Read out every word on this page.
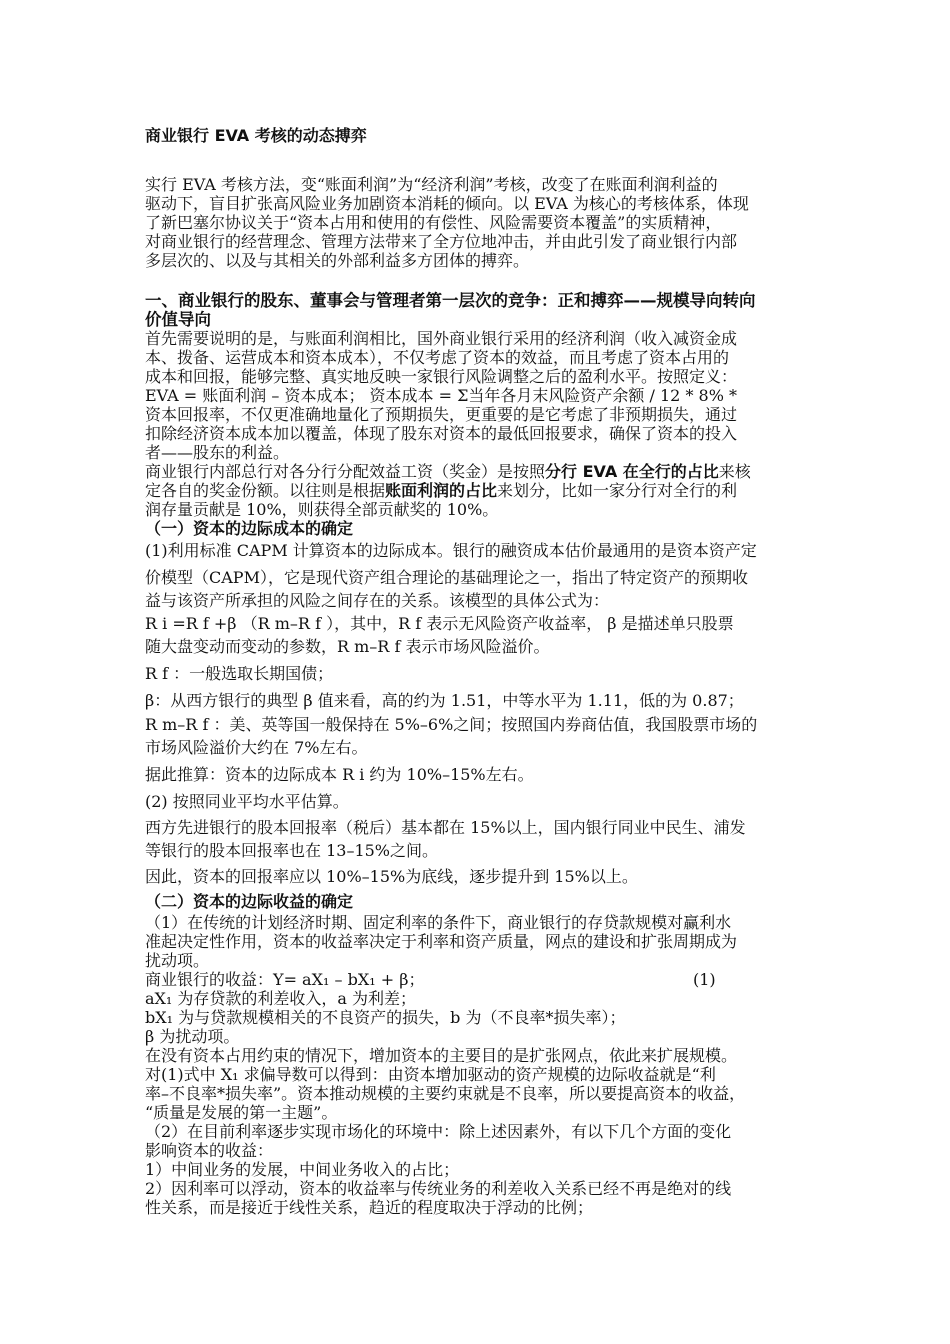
商业银行 EVA 考核的动态搏弈
实行 EVA 考核方法，变“账面利润”为“经济利润”考核，改变了在账面利润利益的
驱动下，盲目扩张高风险业务加剧资本消耗的倾向。以 EVA 为核心的考核体系，体现
了新巴塞尔协议关于“资本占用和使用的有偿性、风险需要资本覆盖”的实质精神，
对商业银行的经营理念、管理方法带来了全方位地冲击，并由此引发了商业银行内部
多层次的、以及与其相关的外部利益多方团体的搏弈。
一、商业银行的股东、董事会与管理者第一层次的竞争：正和搏弈——规模导向转向
价值导向
首先需要说明的是，与账面利润相比，国外商业银行采用的经济利润（收入减资金成
本、拨备、运营成本和资本成本），不仅考虑了资本的效益，而且考虑了资本占用的
成本和回报，能够完整、真实地反映一家银行风险调整之后的盈利水平。按照定义：
EVA = 账面利润 – 资本成本； 资本成本 = Σ当年各月末风险资产余额 / 12 * 8% *
资本回报率，不仅更准确地量化了预期损失，更重要的是它考虑了非预期损失，通过
扣除经济资本成本加以覆盖，体现了股东对资本的最低回报要求，确保了资本的投入
者——股东的利益。
商业银行内部总行对各分行分配效益工资（奖金）是按照分行 EVA 在全行的占比来核
定各自的奖金份额。以往则是根据账面利润的占比来划分，比如一家分行对全行的利
润存量贡献是 10%，则获得全部贡献奖的 10%。
（一）资本的边际成本的确定
(1)利用标准 CAPM 计算资本的边际成本。银行的融资成本估价最通用的是资本资产定
价模型（CAPM），它是现代资产组合理论的基础理论之一，指出了特定资产的预期收
益与该资产所承担的风险之间存在的关系。该模型的具体公式为：
R i =R f +β （R m–R f ），其中，R f 表示无风险资产收益率， β 是描述单只股票
随大盘变动而变动的参数，R m–R f 表示市场风险溢价。
R f ：一般选取长期国债；
β：从西方银行的典型 β 值来看，高的约为 1.51，中等水平为 1.11，低的为 0.87；
R m–R f ：美、英等国一般保持在 5%–6%之间；按照国内券商估值，我国股票市场的
市场风险溢价大约在 7%左右。
据此推算：资本的边际成本 R i 约为 10%–15%左右。
(2) 按照同业平均水平估算。
西方先进银行的股本回报率（税后）基本都在 15%以上，国内银行同业中民生、浦发
等银行的股本回报率也在 13–15%之间。
因此，资本的回报率应以 10%–15%为底线，逐步提升到 15%以上。
（二）资本的边际收益的确定
（1）在传统的计划经济时期、固定利率的条件下，商业银行的存贷款规模对赢利水
准起决定性作用，资本的收益率决定于利率和资产质量，网点的建设和扩张周期成为
扰动项。
商业银行的收益：Y= aX₁ – bX₁ + β；	(1)
aX₁ 为存贷款的利差收入，a 为利差；
bX₁ 为与贷款规模相关的不良资产的损失，b 为（不良率*损失率）；
β 为扰动项。
在没有资本占用约束的情况下，增加资本的主要目的是扩张网点，依此来扩展规模。
对(1)式中 X₁ 求偏导数可以得到：由资本增加驱动的资产规模的边际收益就是“利
率–不良率*损失率”。资本推动规模的主要约束就是不良率，所以要提高资本的收益，
“质量是发展的第一主题”。
（2）在目前利率逐步实现市场化的环境中：除上述因素外，有以下几个方面的变化
影响资本的收益：
1）中间业务的发展，中间业务收入的占比；
2）因利率可以浮动，资本的收益率与传统业务的利差收入关系已经不再是绝对的线
性关系，而是接近于线性关系，趋近的程度取决于浮动的比例；
